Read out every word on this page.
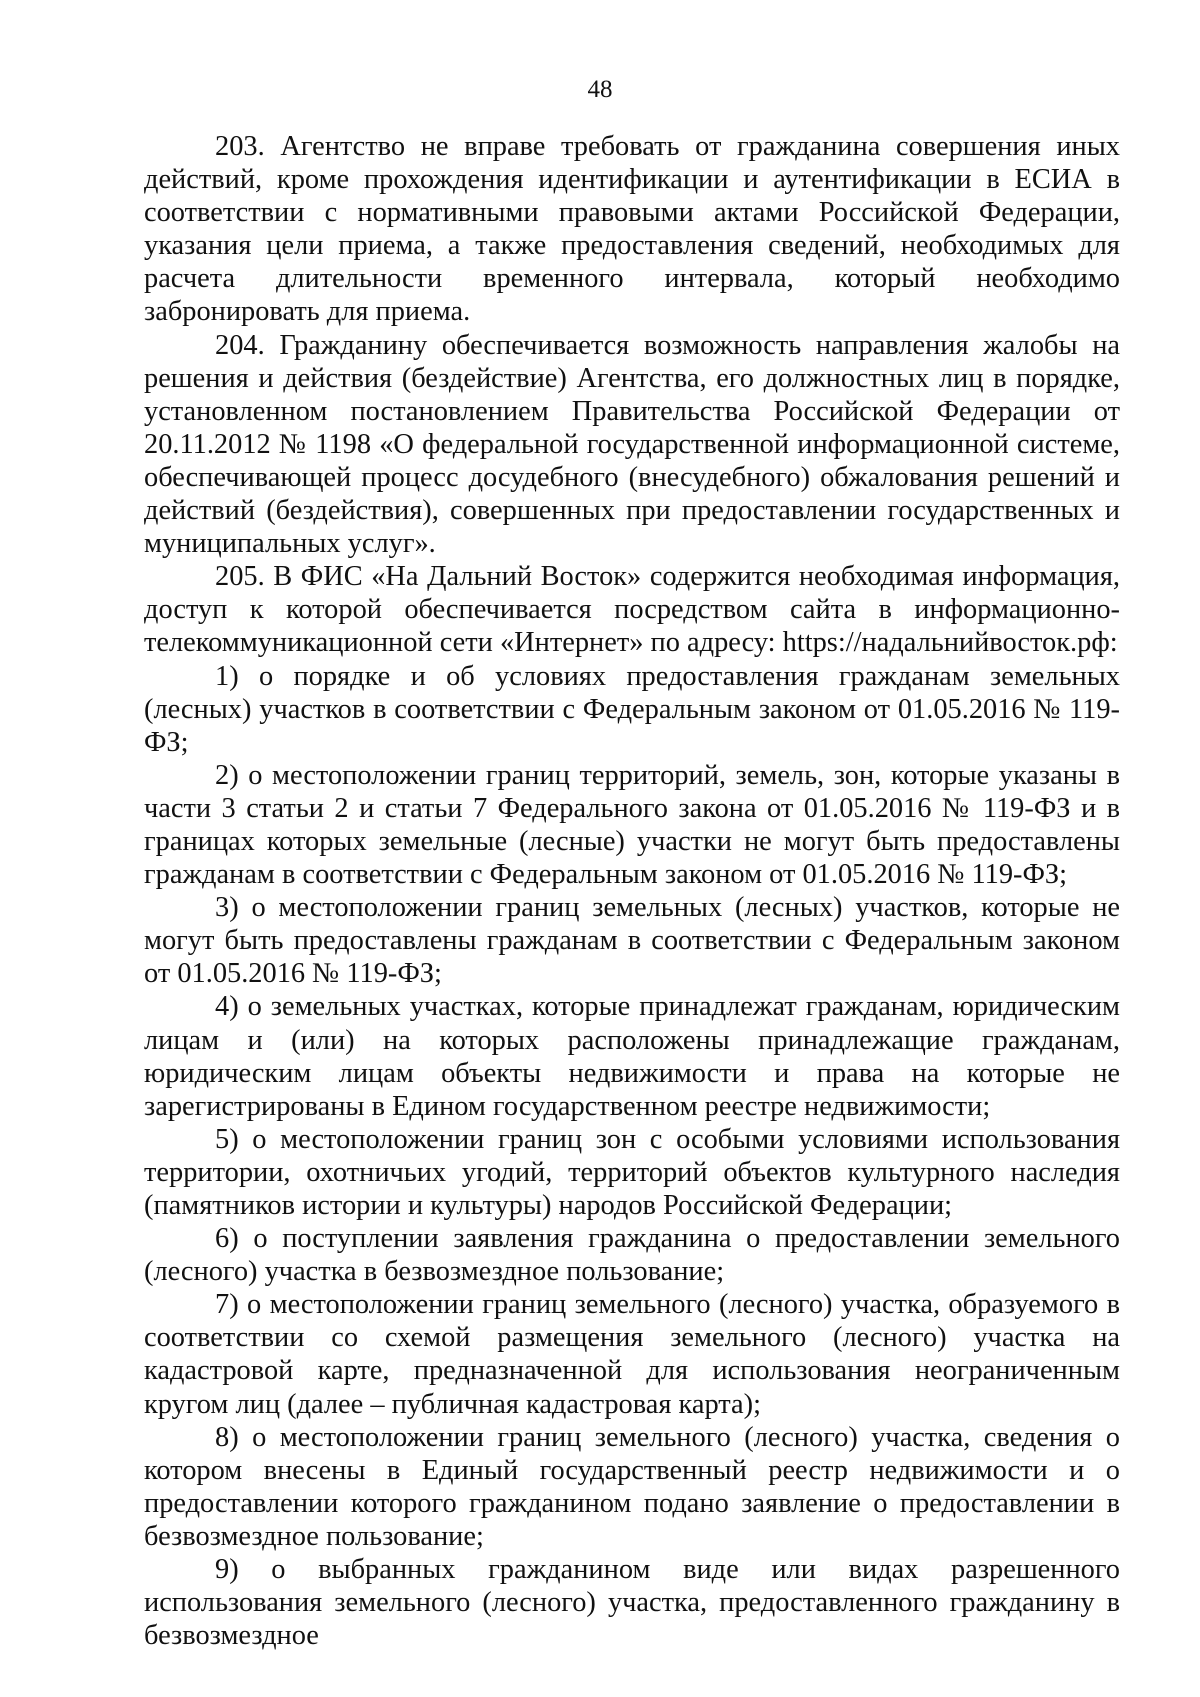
48

203. Агентство не вправе требовать от гражданина совершения иных действий, кроме прохождения идентификации и аутентификации в ЕСИА в соответствии с нормативными правовыми актами Российской Федерации, указания цели приема, а также предоставления сведений, необходимых для расчета длительности временного интервала, который необходимо забронировать для приема.

204. Гражданину обеспечивается возможность направления жалобы на решения и действия (бездействие) Агентства, его должностных лиц в порядке, установленном постановлением Правительства Российской Федерации от 20.11.2012 № 1198 «О федеральной государственной информационной системе, обеспечивающей процесс досудебного (внесудебного) обжалования решений и действий (бездействия), совершенных при предоставлении государственных и муниципальных услуг».

205. В ФИС «На Дальний Восток» содержится необходимая информация, доступ к которой обеспечивается посредством сайта в информационно-телекоммуникационной сети «Интернет» по адресу: https://надальнийвосток.рф:

1) о порядке и об условиях предоставления гражданам земельных (лесных) участков в соответствии с Федеральным законом от 01.05.2016 № 119-ФЗ;

2) о местоположении границ территорий, земель, зон, которые указаны в части 3 статьи 2 и статьи 7 Федерального закона от 01.05.2016 № 119-ФЗ и в границах которых земельные (лесные) участки не могут быть предоставлены гражданам в соответствии с Федеральным законом от 01.05.2016 № 119-ФЗ;

3) о местоположении границ земельных (лесных) участков, которые не могут быть предоставлены гражданам в соответствии с Федеральным законом от 01.05.2016 № 119-ФЗ;

4) о земельных участках, которые принадлежат гражданам, юридическим лицам и (или) на которых расположены принадлежащие гражданам, юридическим лицам объекты недвижимости и права на которые не зарегистрированы в Едином государственном реестре недвижимости;

5) о местоположении границ зон с особыми условиями использования территории, охотничьих угодий, территорий объектов культурного наследия (памятников истории и культуры) народов Российской Федерации;

6) о поступлении заявления гражданина о предоставлении земельного (лесного) участка в безвозмездное пользование;

7) о местоположении границ земельного (лесного) участка, образуемого в соответствии со схемой размещения земельного (лесного) участка на кадастровой карте, предназначенной для использования неограниченным кругом лиц (далее – публичная кадастровая карта);

8) о местоположении границ земельного (лесного) участка, сведения о котором внесены в Единый государственный реестр недвижимости и о предоставлении которого гражданином подано заявление о предоставлении в безвозмездное пользование;

9) о выбранных гражданином виде или видах разрешенного использования земельного (лесного) участка, предоставленного гражданину в безвозмездное
